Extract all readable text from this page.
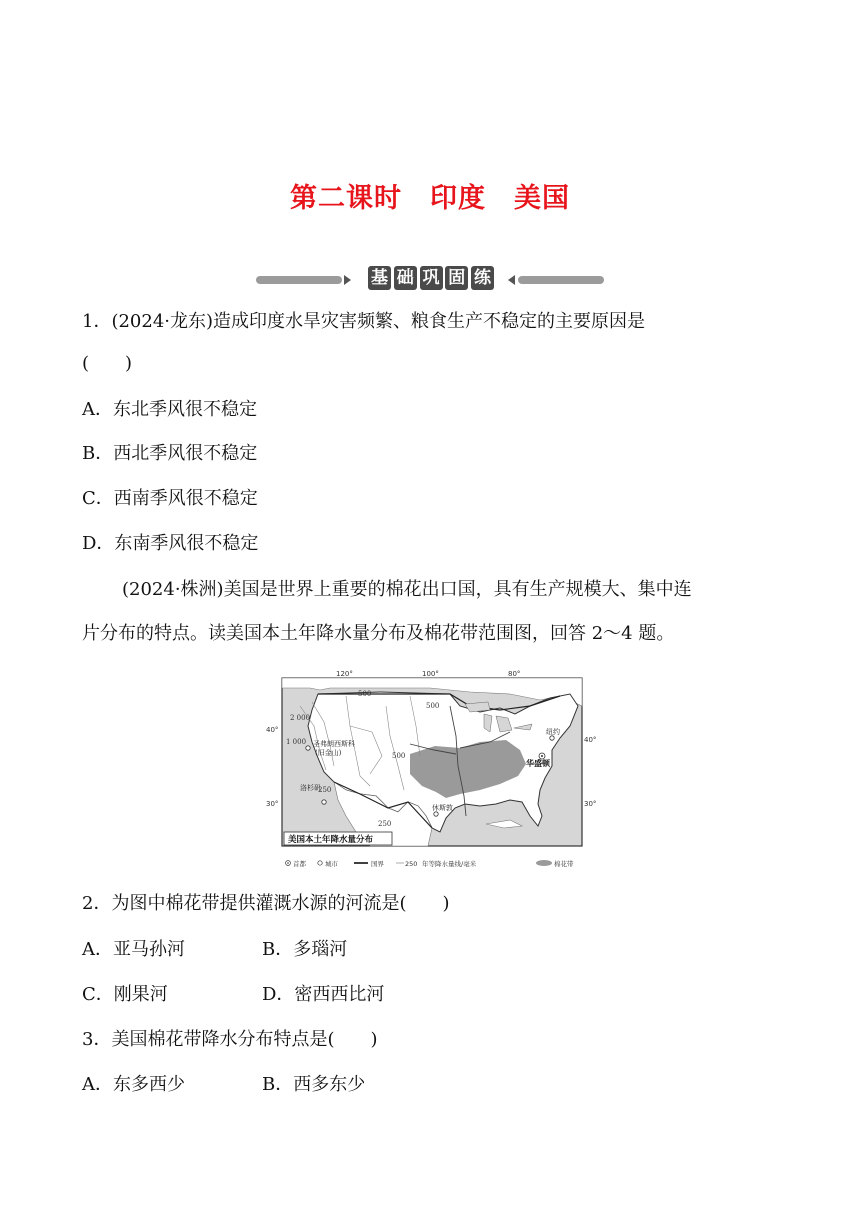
第二课时　印度　美国
基 础 巩 固 练
1．(2024·龙东)造成印度水旱灾害频繁、粮食生产不稳定的主要原因是
(　　)
A．东北季风很不稳定
B．西北季风很不稳定
C．西南季风很不稳定
D．东南季风很不稳定
(2024·株洲)美国是世界上重要的棉花出口国，具有生产规模大、集中连
片分布的特点。读美国本土年降水量分布及棉花带范围图，回答 2～4 题。
120°	100°	80°
40°
30°
40°
30°
2 000
1 000
500
500
500
250
250
圣弗朗西斯科
(旧金山)
洛杉矶
休斯敦
纽约
华盛顿
美国本土年降水量分布
首都	城市	国界	250 年等降水量线/毫米	棉花带
2．为图中棉花带提供灌溉水源的河流是(　　)
A．亚马孙河	B．多瑙河
C．刚果河	D．密西西比河
3．美国棉花带降水分布特点是(　　)
A．东多西少	B．西多东少
